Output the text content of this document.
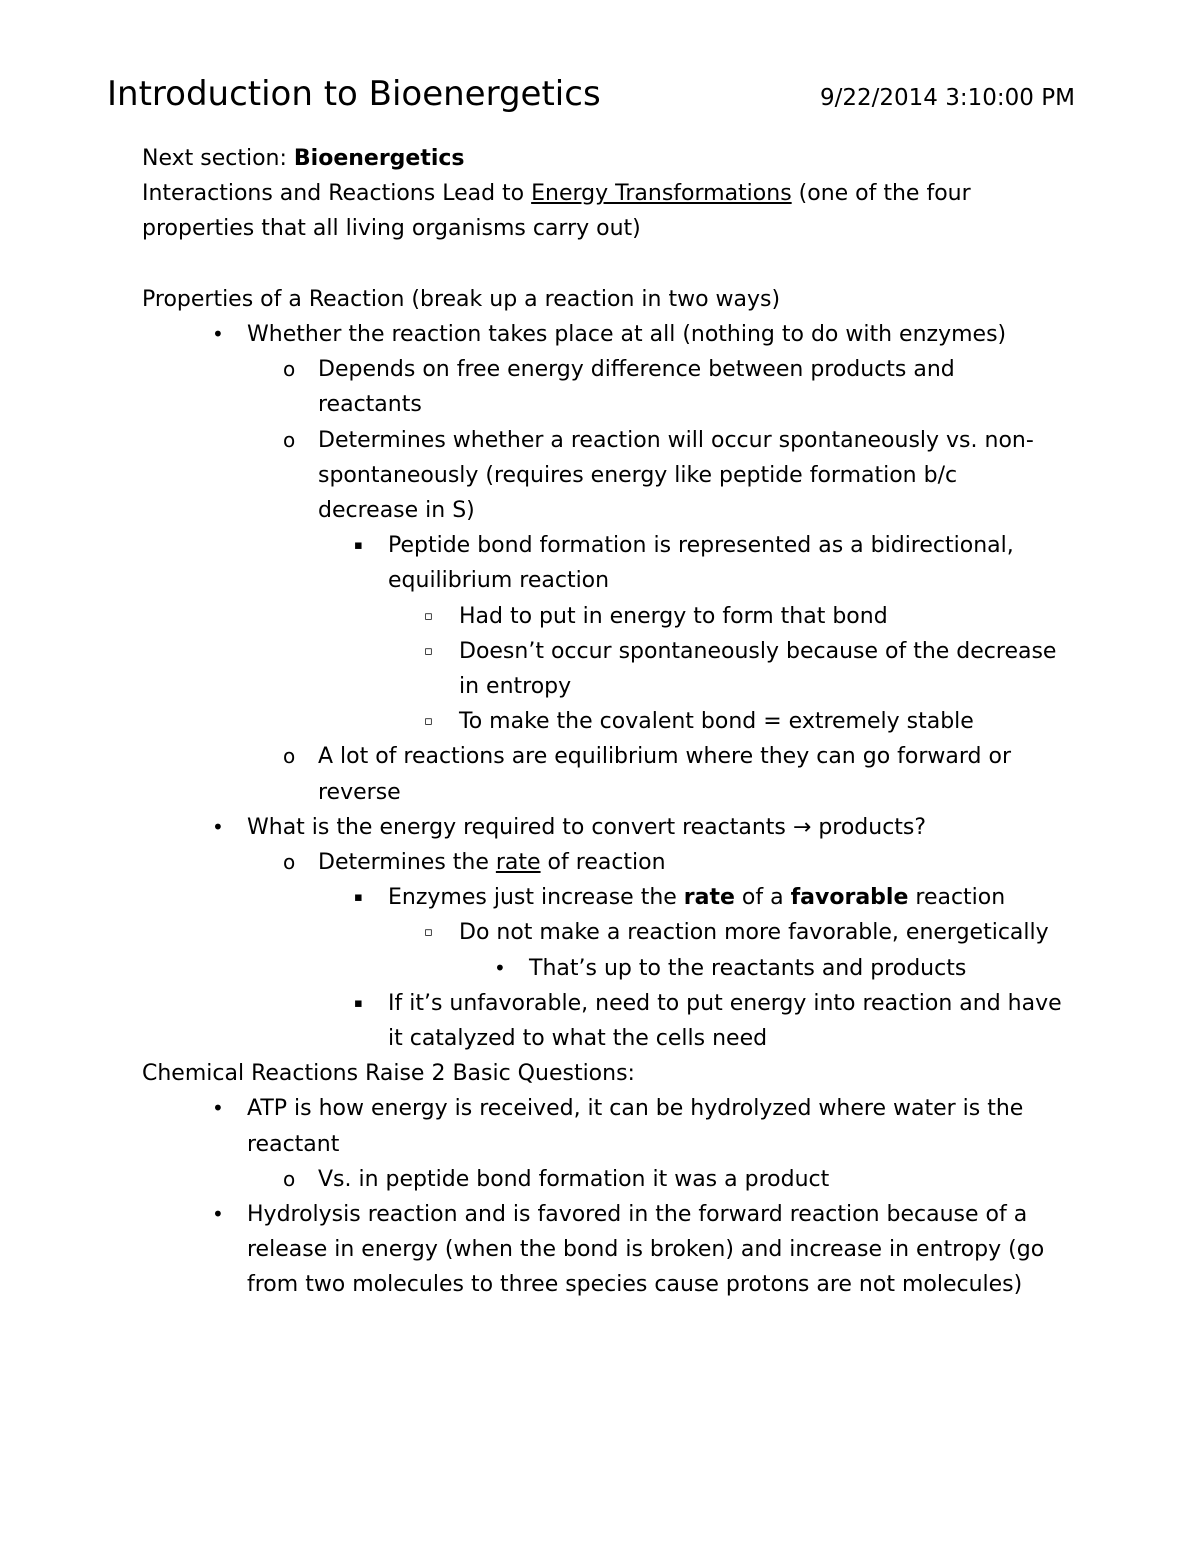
Introduction to Bioenergetics	9/22/2014 3:10:00 PM

Next section: Bioenergetics

Interactions and Reactions Lead to Energy Transformations (one of the four properties that all living organisms carry out)

Properties of a Reaction (break up a reaction in two ways)

• Whether the reaction takes place at all (nothing to do with enzymes)
o Depends on free energy difference between products and reactants
o Determines whether a reaction will occur spontaneously vs. non-spontaneously (requires energy like peptide formation b/c decrease in S)
▪ Peptide bond formation is represented as a bidirectional, equilibrium reaction
▫ Had to put in energy to form that bond
▫ Doesn’t occur spontaneously because of the decrease in entropy
▫ To make the covalent bond = extremely stable
o A lot of reactions are equilibrium where they can go forward or reverse
• What is the energy required to convert reactants → products?
o Determines the rate of reaction
▪ Enzymes just increase the rate of a favorable reaction
▫ Do not make a reaction more favorable, energetically
• That’s up to the reactants and products
▪ If it’s unfavorable, need to put energy into reaction and have it catalyzed to what the cells need

Chemical Reactions Raise 2 Basic Questions:

• ATP is how energy is received, it can be hydrolyzed where water is the reactant
o Vs. in peptide bond formation it was a product
• Hydrolysis reaction and is favored in the forward reaction because of a release in energy (when the bond is broken) and increase in entropy (go from two molecules to three species cause protons are not molecules)
